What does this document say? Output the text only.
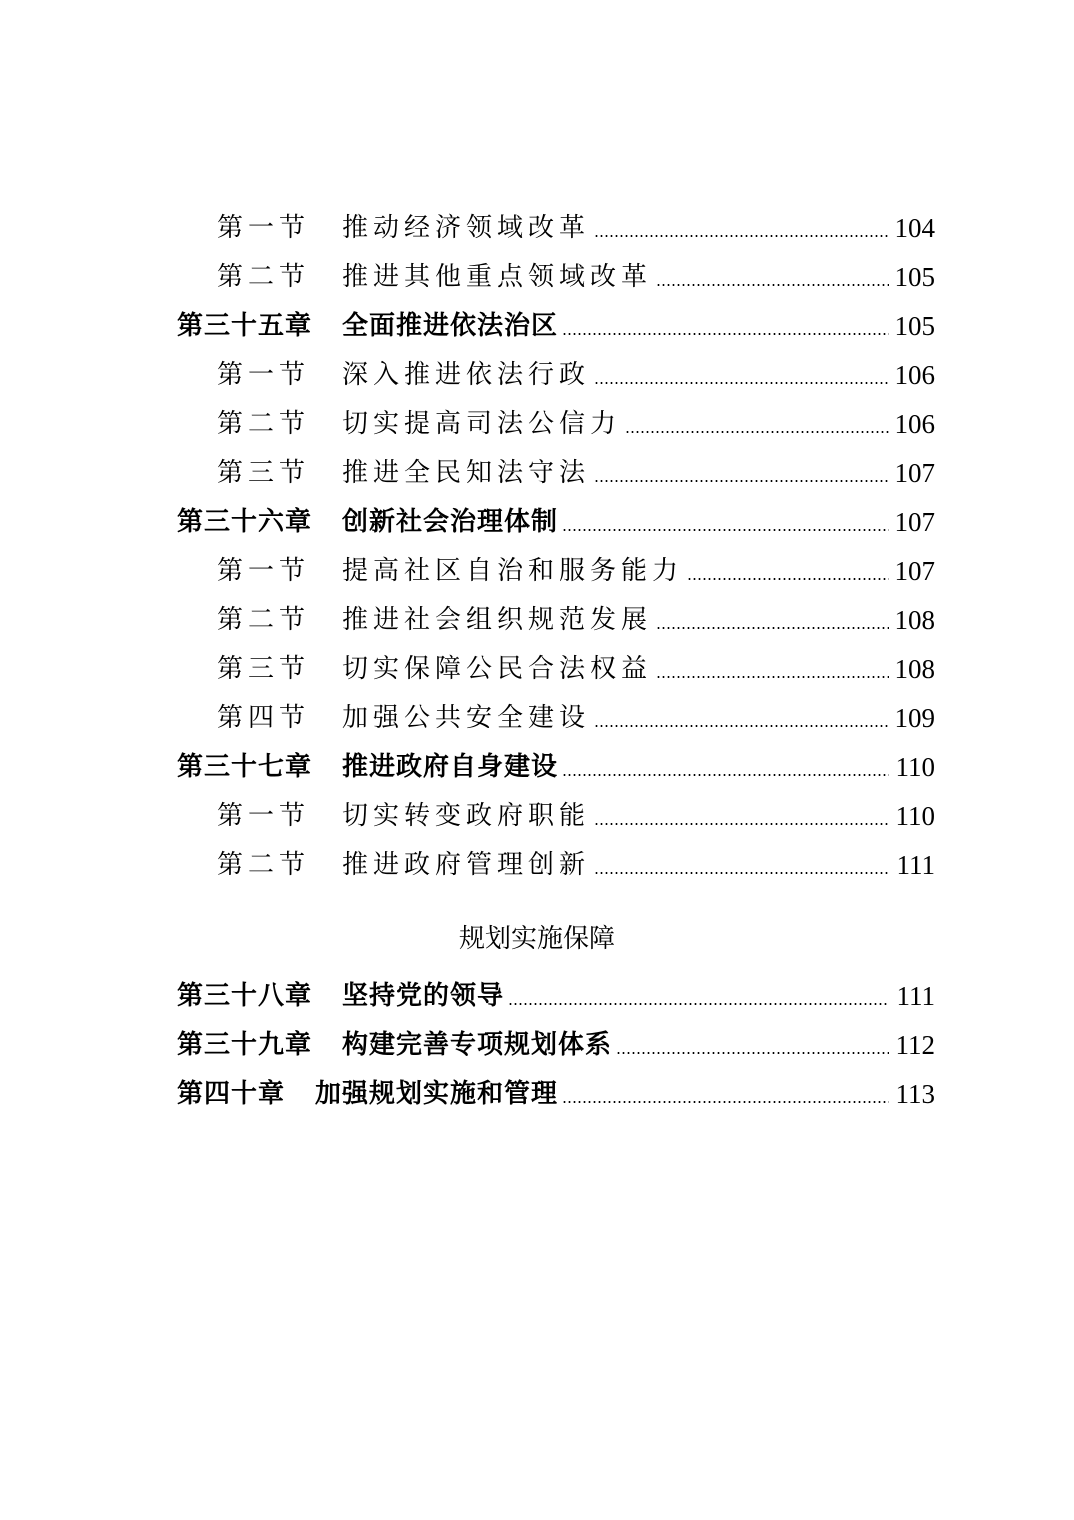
第一节 推动经济领域改革	104
第二节 推进其他重点领域改革	105
第三十五章 全面推进依法治区	105
第一节 深入推进依法行政	106
第二节 切实提高司法公信力	106
第三节 推进全民知法守法	107
第三十六章 创新社会治理体制	107
第一节 提高社区自治和服务能力	107
第二节 推进社会组织规范发展	108
第三节 切实保障公民合法权益	108
第四节 加强公共安全建设	109
第三十七章 推进政府自身建设	110
第一节 切实转变政府职能	110
第二节 推进政府管理创新	111
规划实施保障
第三十八章 坚持党的领导	111
第三十九章 构建完善专项规划体系	112
第四十章 加强规划实施和管理	113
